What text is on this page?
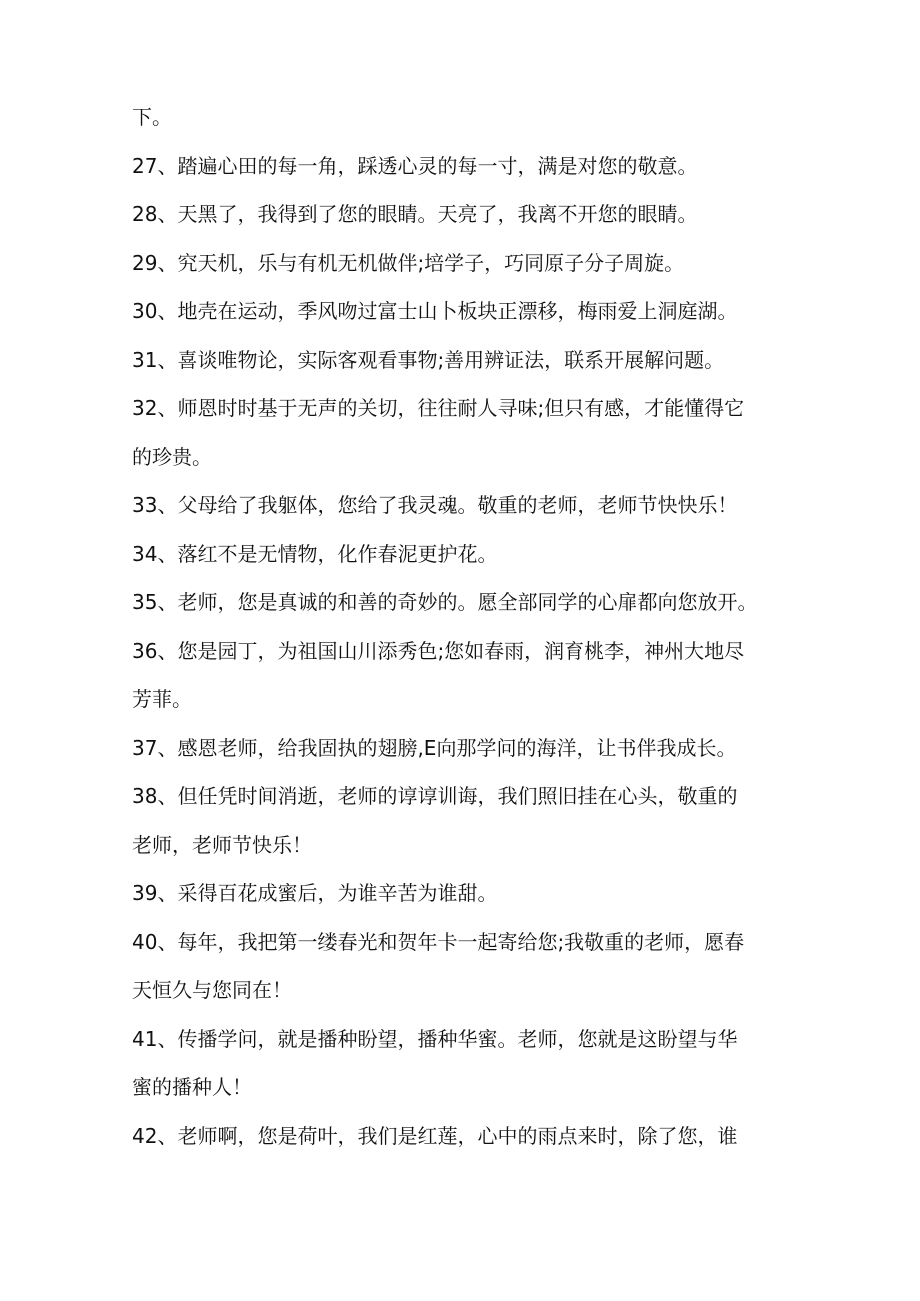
下。
27、踏遍心田的每一角，踩透心灵的每一寸，满是对您的敬意。
28、天黑了，我得到了您的眼睛。天亮了，我离不开您的眼睛。
29、究天机，乐与有机无机做伴;培学子，巧同原子分子周旋。
30、地壳在运动，季风吻过富士山卜板块正漂移，梅雨爱上洞庭湖。
31、喜谈唯物论，实际客观看事物;善用辨证法，联系开展解问题。
32、师恩时时基于无声的关切，往往耐人寻味;但只有感，才能懂得它
的珍贵。
33、父母给了我躯体，您给了我灵魂。敬重的老师，老师节快快乐！
34、落红不是无情物，化作春泥更护花。
35、老师，您是真诚的和善的奇妙的。愿全部同学的心扉都向您放开。
36、您是园丁，为祖国山川添秀色;您如春雨，润育桃李，神州大地尽
芳菲。
37、感恩老师，给我固执的翅膀,E向那学问的海洋，让书伴我成长。
38、但任凭时间消逝，老师的谆谆训诲，我们照旧挂在心头，敬重的
老师，老师节快乐！
39、采得百花成蜜后，为谁辛苦为谁甜。
40、每年，我把第一缕春光和贺年卡一起寄给您;我敬重的老师，愿春
天恒久与您同在！
41、传播学问，就是播种盼望，播种华蜜。老师，您就是这盼望与华
蜜的播种人！
42、老师啊，您是荷叶，我们是红莲，心中的雨点来时，除了您，谁
